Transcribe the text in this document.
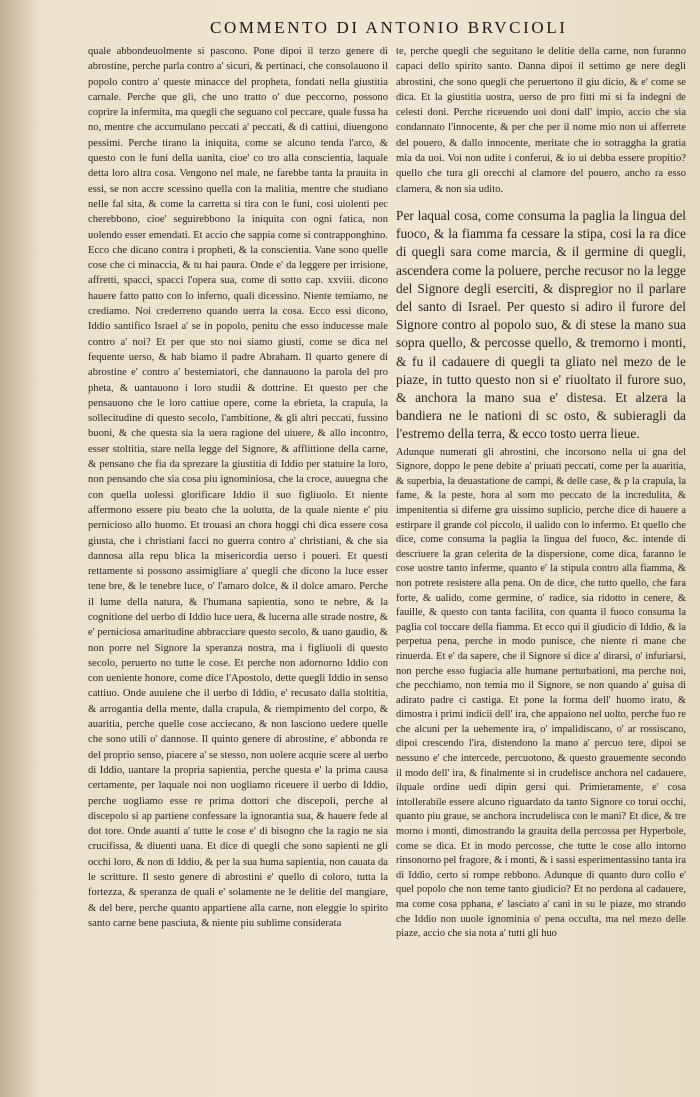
COMMENTO DI ANTONIO BRVCIOLI

quale abbondeuolmente si pascono. Pone dipoi il terzo genere di abrostine, perche parla contro a' sicuri, & pertinaci, che consolauono il popolo contro a' queste minacce del propheta, fondati nella giustitia carnale. Perche que gli, che uno tratto o' due peccorno, possono coprire la infermita, ma quegli che seguano col peccare, quale fussa ha no, mentre che accumulano peccati a' peccati, & di cattiui, diuengono pessimi. Perche tirano la iniquita, come se alcuno tenda l'arco, & questo con le funi della uanita, cioe' co tro alla conscientia, laquale detta loro altra cosa. Vengono nel male, ne farebbe tanta la prauita in essi, se non accre scessino quella con la malitia, mentre che studiano nelle fal sita, & come la carretta si tira con le funi, cosi uiolenti pec cherebbono, cioe' seguirebbono la iniquita con ogni fatica, non uolendo esser emendati. Et accio che sappia come si contrapponghino. Ecco che dicano contra i propheti, & la conscientia. Vane sono quelle cose che ci minaccia, & tu hai paura. Onde e' da leggere per irrisione, affretti, spacci, spacci l'opera sua, come di sotto cap. xxviii. dicono hauere fatto patto con lo inferno, quali dicessino. Niente temiamo, ne crediamo. Noi crederreno quando uerra la cosa. Ecco essi dicono, Iddio santifico Israel a' se in popolo, penitu che esso inducesse male contro a' noi? Et per que sto noi siamo giusti, come se dica nel fequente uerso, & hab biamo il padre Abraham. Il quarto genere di abrostine e' contro a' bestemiatori, che dannauono la parola del pro pheta, & uantauono i loro studii & dottrine. Et questo per che pensauono che le loro cattiue opere, come la ebrieta, la crapula, la sollecitudine di questo secolo, l'ambitione, & gli altri peccati, fussino buoni, & che questa sia la uera ragione del uiuere, & allo incontro, esser stoltitia, stare nella legge del Signore, & afflittione della carne, & pensano che fia da sprezare la giustitia di Iddio per statuire la loro, non pensando che sia cosa piu ignominiosa, che la croce, auuegna che con quella uolessi glorificare Iddio il suo figliuolo. Et niente affermono essere piu beato che la uolutta, de la quale niente e' piu pernicioso allo huomo. Et trouasi an chora hoggi chi dica essere cosa giusta, che i christiani facci no guerra contro a' christiani, & che sia dannosa alla repu blica la misericordia uerso i poueri. Et questi rettamente si possono assimigliare a' quegli che dicono la luce esser tene bre, & le tenebre luce, o' l'amaro dolce, & il dolce amaro. Perche il lume della natura, & l'humana sapientia, sono te nebre, & la cognitione del uerbo di Iddio luce uera, & lucerna alle strade nostre, & e' perniciosa amaritudine abbracciare questo secolo, & uano gaudio, & non porre nel Signore la speranza nostra, ma i figliuoli di questo secolo, peruerto no tutte le cose. Et perche non adornorno Iddio con con ueniente honore, come dice l'Apostolo, dette quegli Iddio in senso cattiuo. Onde auuiene che il uerbo di Iddio, e' recusato dalla stoltitia, & arrogantia della mente, dalla crapula, & riempimento del corpo, & auaritia, perche quelle cose acciecano, & non lasciono uedere quelle che sono utili o' dannose. Il quinto genere di abrostine, e' abbonda re del proprio senso, piacere a' se stesso, non uolere acquie scere al uerbo di Iddio, uantare la propria sapientia, perche questa e' la prima causa certamente, per laquale noi non uogliamo riceuere il uerbo di Iddio, perche uogliamo esse re prima dottori che discepoli, perche al discepolo si ap partiene confessare la ignorantia sua, & hauere fede al dot tore. Onde auanti a' tutte le cose e' di bisogno che la ragio ne sia crucifissa, & diuenti uana. Et dice di quegli che sono sapienti ne gli occhi loro, & non di Iddio, & per la sua huma sapientia, non cauata da le scritture. Il sesto genere di abrostini e' quello di coloro, tutta la fortezza, & speranza de quali e' solamente ne le delitie del mangiare, & del bere, perche quanto appartiene alla carne, non eleggie lo spirito santo carne bene pasciuta, & niente piu sublime considerata

te, perche quegli che seguitano le delitie della carne, non furanno capaci dello spirito santo. Danna dipoi il settimo ge nere degli abrostini, che sono quegli che peruertono il giu dicio, & e' come se dica. Et la giustitia uostra, uerso de pro fitti mi si fa indegni de celesti doni. Perche riceuendo uoi doni dall' impio, accio che sia condannato l'innocente, & per che per il nome mio non ui afferrete del pouero, & dallo innocente, meritate che io sotraggha la gratia mia da uoi. Voi non udite i conferui, & io ui debba essere propitio? quello che tura gli orecchi al clamore del pouero, ancho ra esso clamera, & non sia udito.

Per laqual cosa, come consuma la paglia la lingua del fuoco, & la fiamma fa cessare la stipa, cosi la ra dice di quegli sara come marcia, & il germine di quegli, ascendera come la poluere, perche recusor no la legge del Signore degli eserciti, & dispregior no il parlare del santo di Israel. Per questo si adiro il furore del Signore contro al popolo suo, & di stese la mano sua sopra quello, & percosse quello, & tremorno i monti, & fu il cadauere di quegli ta gliato nel mezo de le piaze, in tutto questo non si e' riuoltato il furore suo, & anchora la mano sua e' distesa. Et alzera la bandiera ne le nationi di sc osto, & subieragli da l'estremo della terra, & ecco tosto uerra lieue.

Adunque numerati gli abrostini, che incorsono nella ui gna del Signore, doppo le pene debite a' priuati peccati, come per la auaritia, & superbia, la deuastatione de campi, & delle case, & p la crapula, la fame, & la peste, hora al som mo peccato de la incredulita, & impenitentia si diferne gra uissimo suplicio, perche dice di hauere a estirpare il grande col piccolo, il ualido con lo infermo. Et quello che dice, come consuma la paglia la lingua del fuoco, &c. intende di descriuere la gran celerita de la dispersione, come dica, faranno le cose uostre tanto inferme, quanto e' la stipula contro alla fiamma, & non potrete resistere alla pena. On de dice, che tutto quello, che fara forte, & ualido, come germine, o' radice, sia ridotto in cenere, & fauille, & questo con tanta facilita, con quanta il fuoco consuma la paglia col toccare della fiamma. Et ecco qui il giudicio di Iddio, & la perpetua pena, perche in modo punisce, che niente ri mane che rinuerda. Et e' da sapere, che il Signore si dice a' dirarsi, o' infuriarsi, non perche esso fugiacia alle humane perturbationi, ma perche noi, che pecchiamo, non temia mo il Signore, se non quando a' guisa di adirato padre ci castiga. Et pone la forma dell' huomo irato, & dimostra i primi indicii dell' ira, che appaiono nel uolto, perche fuo re che alcuni per la uehemente ira, o' impalidiscano, o' ar rossiscano, dipoi crescendo l'ira, distendono la mano a' percuo tere, dipoi se nessuno e' che intercede, percuotono, & questo grauemente secondo il modo dell' ira, & finalmente si in crudelisce anchora nel cadauere, ilquale ordine uedi dipin gersi qui. Primieramente, e' cosa intollerabile essere alcuno riguardato da tanto Signore co torui occhi, quanto piu graue, se anchora incrudelisca con le mani? Et dice, & tre morno i monti, dimostrando la grauita della percossa per Hyperbole, come se dica. Et in modo percosse, che tutte le cose allo intorno rinsonorno pel fragore, & i monti, & i sassi esperimentassino tanta ira di Iddio, certo si rompe rebbono. Adunque di quanto duro collo e' quel popolo che non teme tanto giudicio? Et no perdona al cadauere, ma come cosa pphana, e' lasciato a' canì in su le piaze, mo strando che Iddio non uuole ignominia o' pena occulta, ma nel mezo delle piaze, accio che sia nota a' tutti gli huo
